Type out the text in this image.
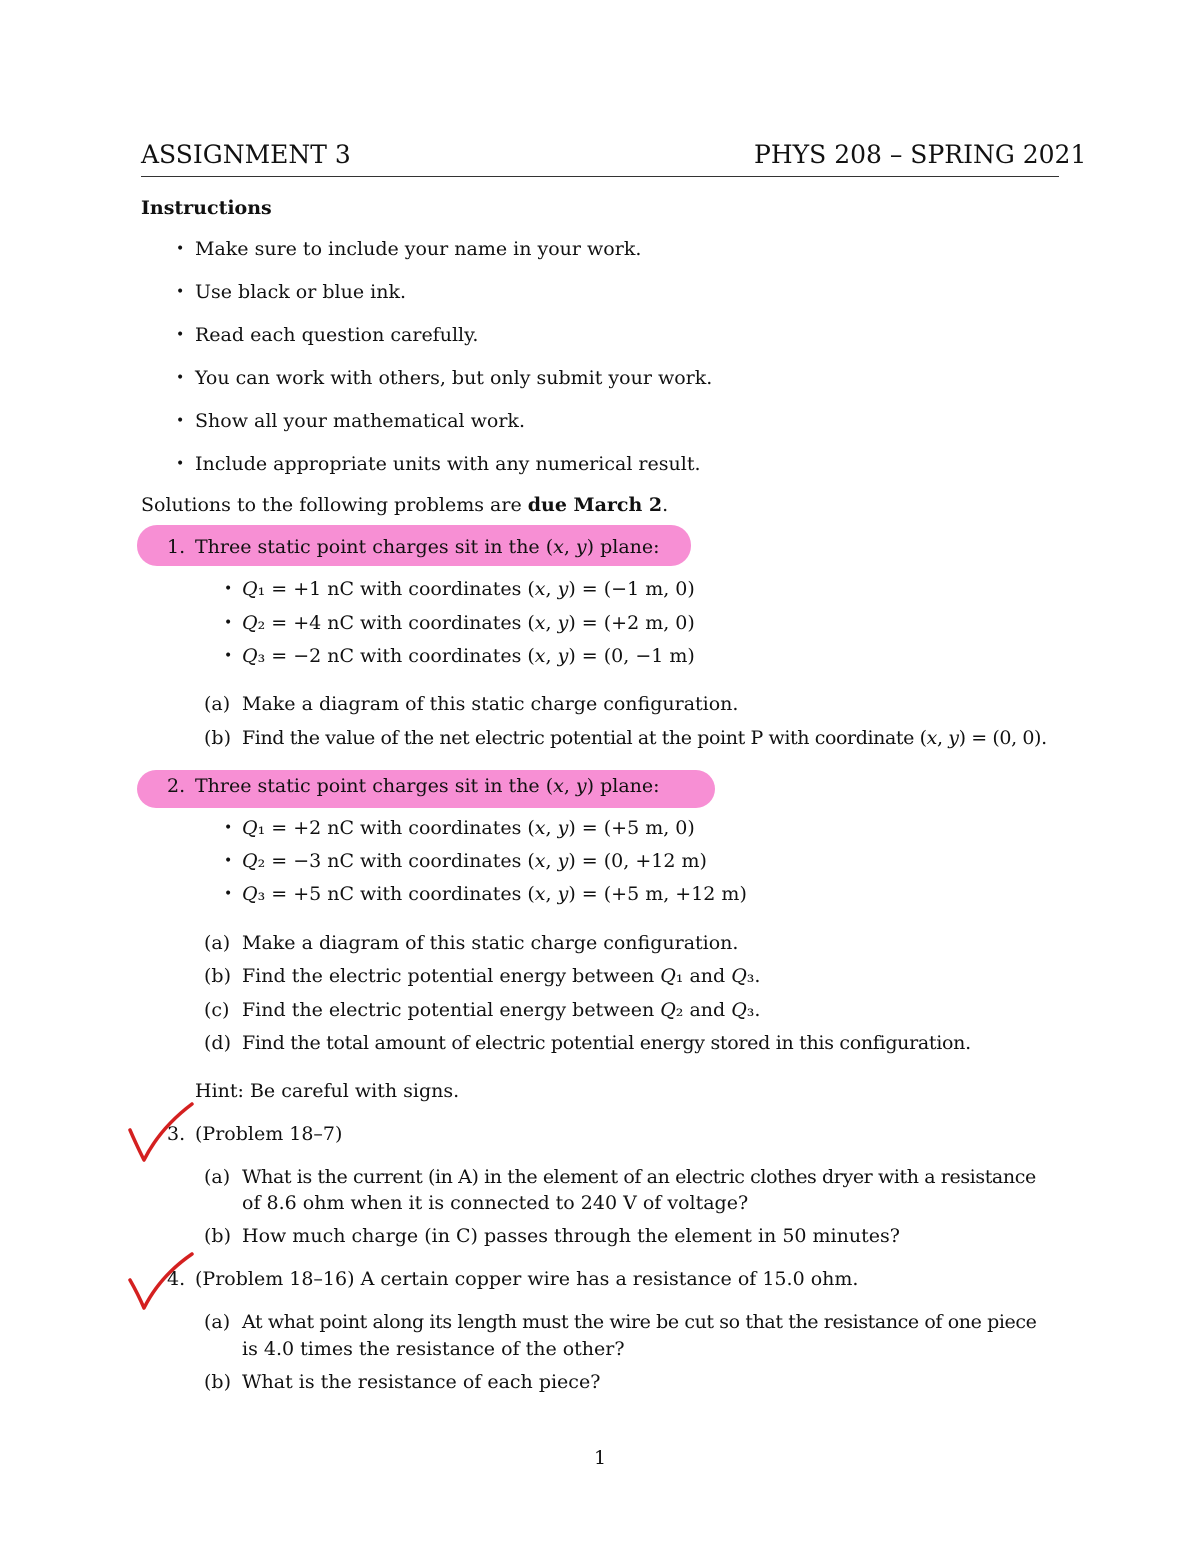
ASSIGNMENT 3	PHYS 208 – SPRING 2021
Instructions
• Make sure to include your name in your work.
• Use black or blue ink.
• Read each question carefully.
• You can work with others, but only submit your work.
• Show all your mathematical work.
• Include appropriate units with any numerical result.
Solutions to the following problems are due March 2.
1. Three static point charges sit in the (𝑥, 𝑦) plane:
• 𝑄₁ = +1 nC with coordinates (𝑥, 𝑦) = (−1 m, 0)
• 𝑄₂ = +4 nC with coordinates (𝑥, 𝑦) = (+2 m, 0)
• 𝑄₃ = −2 nC with coordinates (𝑥, 𝑦) = (0, −1 m)
(a) Make a diagram of this static charge configuration.
(b) Find the value of the net electric potential at the point P with coordinate (𝑥, 𝑦) = (0, 0).
2. Three static point charges sit in the (𝑥, 𝑦) plane:
• 𝑄₁ = +2 nC with coordinates (𝑥, 𝑦) = (+5 m, 0)
• 𝑄₂ = −3 nC with coordinates (𝑥, 𝑦) = (0, +12 m)
• 𝑄₃ = +5 nC with coordinates (𝑥, 𝑦) = (+5 m, +12 m)
(a) Make a diagram of this static charge configuration.
(b) Find the electric potential energy between 𝑄₁ and 𝑄₃.
(c) Find the electric potential energy between 𝑄₂ and 𝑄₃.
(d) Find the total amount of electric potential energy stored in this configuration.
Hint: Be careful with signs.
3. (Problem 18–7)
(a) What is the current (in A) in the element of an electric clothes dryer with a resistance
of 8.6 ohm when it is connected to 240 V of voltage?
(b) How much charge (in C) passes through the element in 50 minutes?
4. (Problem 18–16) A certain copper wire has a resistance of 15.0 ohm.
(a) At what point along its length must the wire be cut so that the resistance of one piece
is 4.0 times the resistance of the other?
(b) What is the resistance of each piece?
1
